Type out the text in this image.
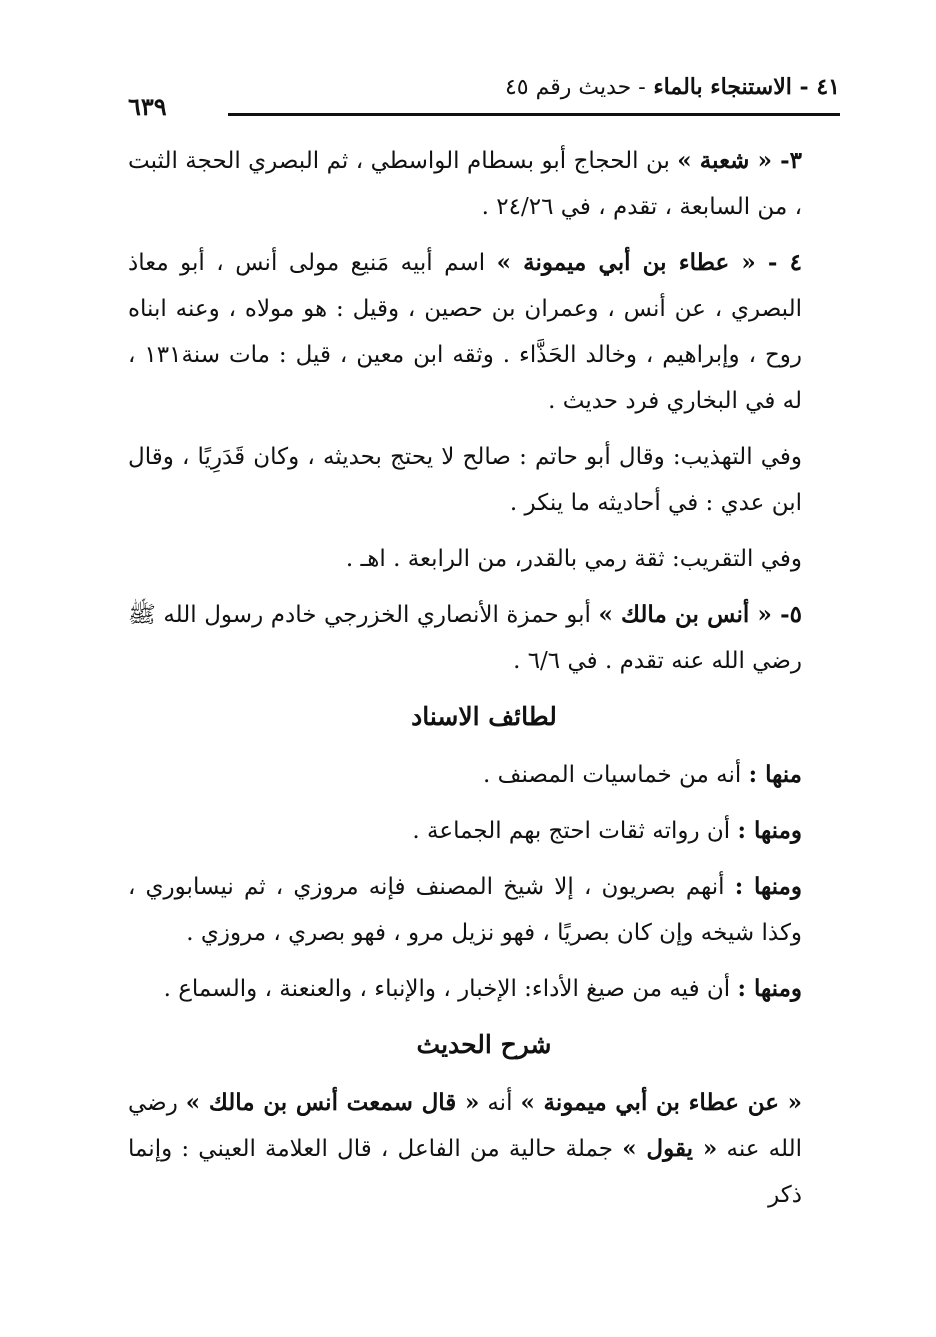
٤١ - الاستنجاء بالماء - حديث رقم ٤٥
٦٣٩

٣- « شعبة » بن الحجاج أبو بسطام الواسطي ، ثم البصري الحجة الثبت ، من السابعة ، تقدم ، في ٢٤/٢٦ .

٤ - « عطاء بن أبي ميمونة » اسم أبيه مَنيع مولى أنس ، أبو معاذ البصري ، عن أنس ، وعمران بن حصين ، وقيل : هو مولاه ، وعنه ابناه روح ، وإبراهيم ، وخالد الحَذَّاء . وثقه ابن معين ، قيل : مات سنة١٣١ ، له في البخاري فرد حديث .

وفي التهذيب: وقال أبو حاتم : صالح لا يحتج بحديثه ، وكان قَدَرِيًا ، وقال ابن عدي : في أحاديثه ما ينكر .

وفي التقريب: ثقة رمي بالقدر، من الرابعة . اهـ .

٥- « أنس بن مالك » أبو حمزة الأنصاري الخزرجي خادم رسول الله ﷺ رضي الله عنه تقدم . في ٦/٦ .

لطائف الاسناد

منها : أنه من خماسيات المصنف .

ومنها : أن رواته ثقات احتج بهم الجماعة .

ومنها : أنهم بصريون ، إلا شيخ المصنف فإنه مروزي ، ثم نيسابوري ، وكذا شيخه وإن كان بصريًا ، فهو نزيل مرو ، فهو بصري ، مروزي .

ومنها : أن فيه من صيغ الأداء: الإخبار ، والإنباء ، والعنعنة ، والسماع .

شرح الحديث

« عن عطاء بن أبي ميمونة » أنه « قال سمعت أنس بن مالك » رضي الله عنه « يقول » جملة حالية من الفاعل ، قال العلامة العيني : وإنما ذكر
